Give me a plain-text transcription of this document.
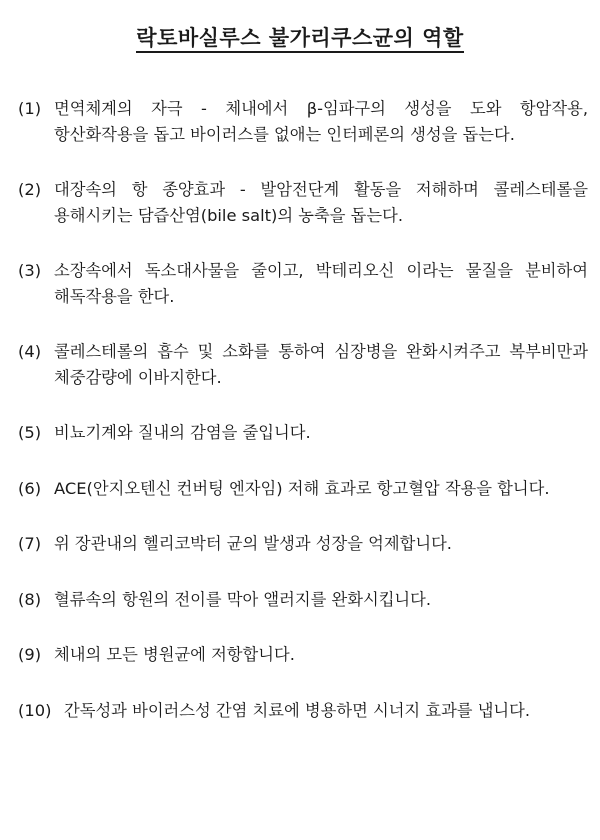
락토바실루스 불가리쿠스균의 역할
(1) 면역체계의 자극 - 체내에서 β-임파구의 생성을 도와 항암작용, 항산화작용을 돕고 바이러스를 없애는 인터페론의 생성을 돕는다.
(2) 대장속의 항 종양효과 - 발암전단계 활동을 저해하며 콜레스테롤을 용해시키는 담즙산염(bile salt)의 농축을 돕는다.
(3) 소장속에서 독소대사물을 줄이고, 박테리오신 이라는 물질을 분비하여 해독작용을 한다.
(4) 콜레스테롤의 흡수 및 소화를 통하여 심장병을 완화시켜주고 복부비만과 체중감량에 이바지한다.
(5) 비뇨기계와 질내의 감염을 줄입니다.
(6) ACE(안지오텐신 컨버팅 엔자임) 저해 효과로 항고혈압 작용을 합니다.
(7) 위 장관내의 헬리코박터 균의 발생과 성장을 억제합니다.
(8) 혈류속의 항원의 전이를 막아 앨러지를 완화시킵니다.
(9) 체내의 모든 병원균에 저항합니다.
(10) 간독성과 바이러스성 간염 치료에 병용하면 시너지 효과를 냅니다.
